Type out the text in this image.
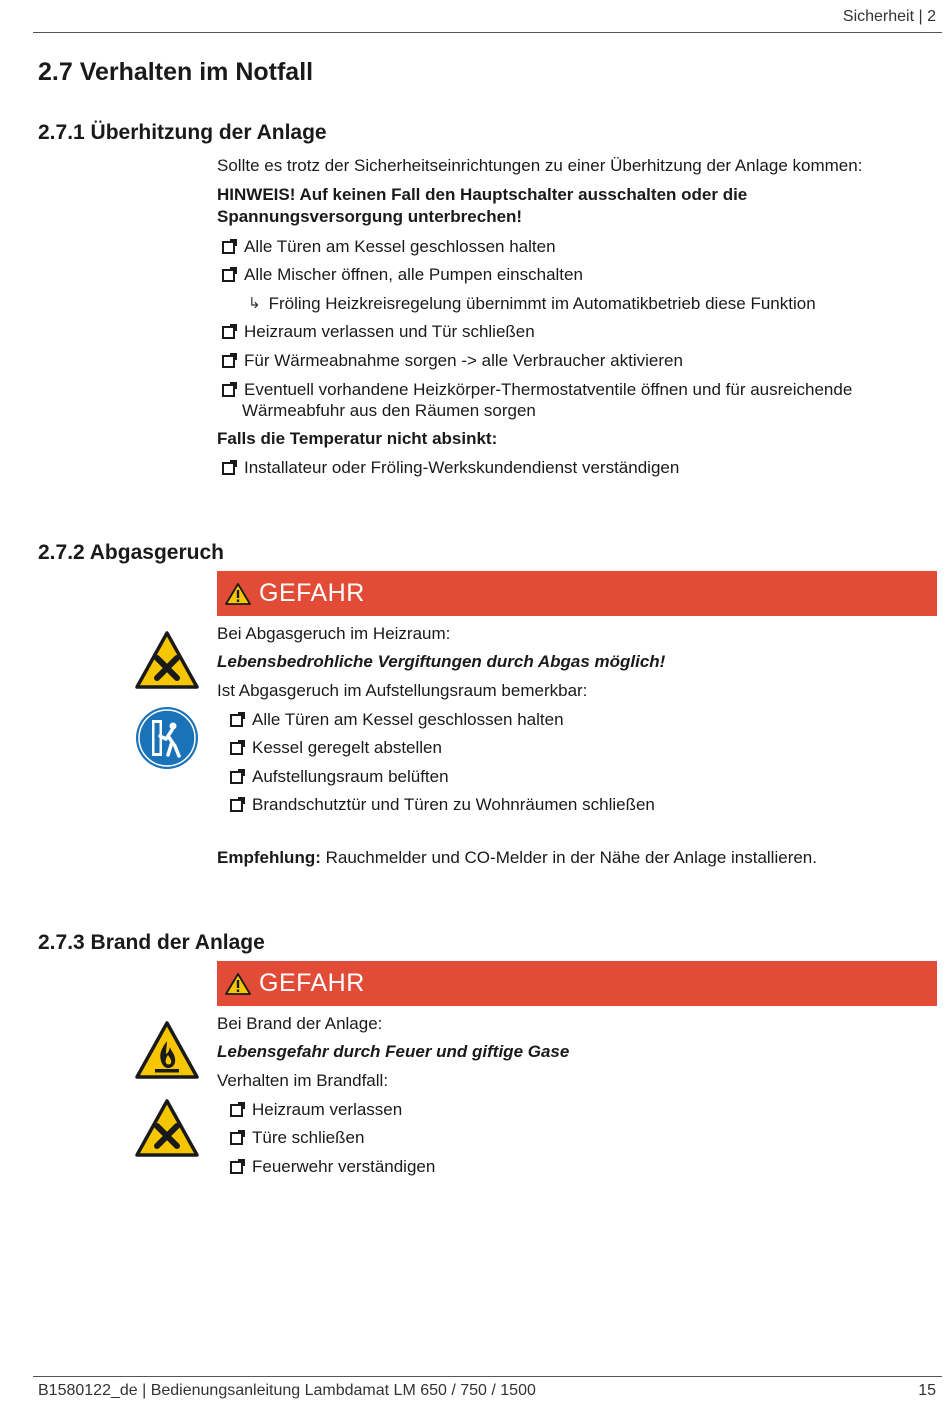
Sicherheit | 2
2.7 Verhalten im Notfall
2.7.1 Überhitzung der Anlage
Sollte es trotz der Sicherheitseinrichtungen zu einer Überhitzung der Anlage kommen:
HINWEIS! Auf keinen Fall den Hauptschalter ausschalten oder die
Spannungsversorgung unterbrechen!
Alle Türen am Kessel geschlossen halten
Alle Mischer öffnen, alle Pumpen einschalten
↳ Fröling Heizkreisregelung übernimmt im Automatikbetrieb diese Funktion
Heizraum verlassen und Tür schließen
Für Wärmeabnahme sorgen -> alle Verbraucher aktivieren
Eventuell vorhandene Heizkörper-Thermostatventile öffnen und für ausreichende
Wärmeabfuhr aus den Räumen sorgen
Falls die Temperatur nicht absinkt:
Installateur oder Fröling-Werkskundendienst verständigen
2.7.2 Abgasgeruch
GEFAHR
Bei Abgasgeruch im Heizraum:
Lebensbedrohliche Vergiftungen durch Abgas möglich!
Ist Abgasgeruch im Aufstellungsraum bemerkbar:
Alle Türen am Kessel geschlossen halten
Kessel geregelt abstellen
Aufstellungsraum belüften
Brandschutztür und Türen zu Wohnräumen schließen
Empfehlung: Rauchmelder und CO-Melder in der Nähe der Anlage installieren.
2.7.3 Brand der Anlage
GEFAHR
Bei Brand der Anlage:
Lebensgefahr durch Feuer und giftige Gase
Verhalten im Brandfall:
Heizraum verlassen
Türe schließen
Feuerwehr verständigen
B1580122_de | Bedienungsanleitung Lambdamat LM 650 / 750 / 1500	15
